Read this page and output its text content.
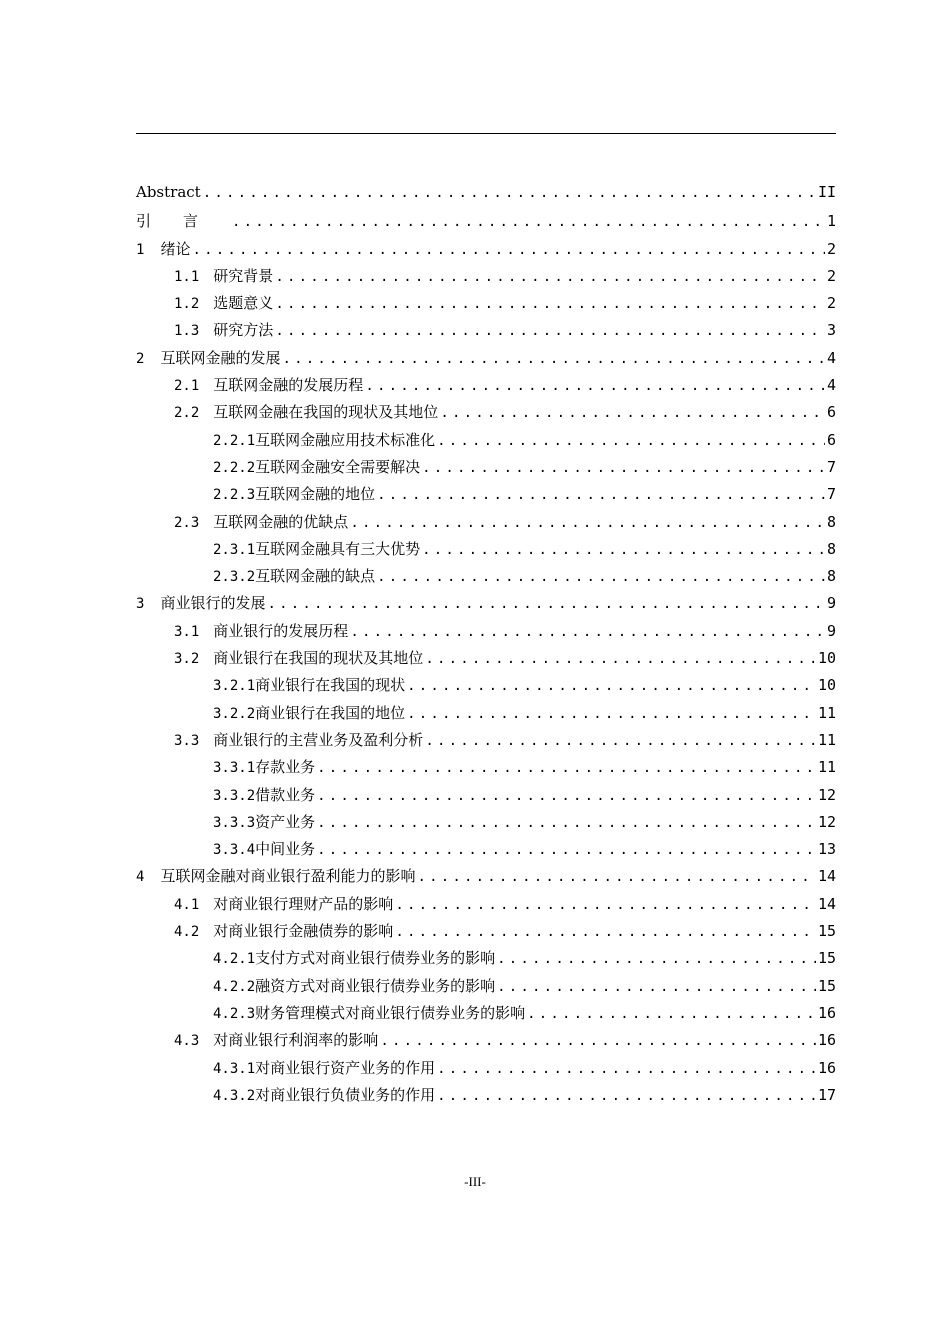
Abstract .....	II
引言 .....	1
1 绪论 .....	2
1.1 研究背景 .....	2
1.2 选题意义 .....	2
1.3 研究方法 .....	3
2 互联网金融的发展 .....	4
2.1 互联网金融的发展历程 .....	4
2.2 互联网金融在我国的现状及其地位 .....	6
2.2.1 互联网金融应用技术标准化 .....	6
2.2.2 互联网金融安全需要解决 .....	7
2.2.3 互联网金融的地位 .....	7
2.3 互联网金融的优缺点 .....	8
2.3.1 互联网金融具有三大优势 .....	8
2.3.2 互联网金融的缺点 .....	8
3 商业银行的发展 .....	9
3.1 商业银行的发展历程 .....	9
3.2 商业银行在我国的现状及其地位 .....	10
3.2.1 商业银行在我国的现状 .....	10
3.2.2 商业银行在我国的地位 .....	11
3.3 商业银行的主营业务及盈利分析 .....	11
3.3.1 存款业务 .....	11
3.3.2 借款业务 .....	12
3.3.3 资产业务 .....	12
3.3.4 中间业务 .....	13
4 互联网金融对商业银行盈利能力的影响 .....	14
4.1 对商业银行理财产品的影响 .....	14
4.2 对商业银行金融债券的影响 .....	15
4.2.1 支付方式对商业银行债券业务的影响 .....	15
4.2.2 融资方式对商业银行债券业务的影响 .....	15
4.2.3 财务管理模式对商业银行债券业务的影响 .....	16
4.3 对商业银行利润率的影响 .....	16
4.3.1 对商业银行资产业务的作用 .....	16
4.3.2 对商业银行负债业务的作用 .....	17
-III-
